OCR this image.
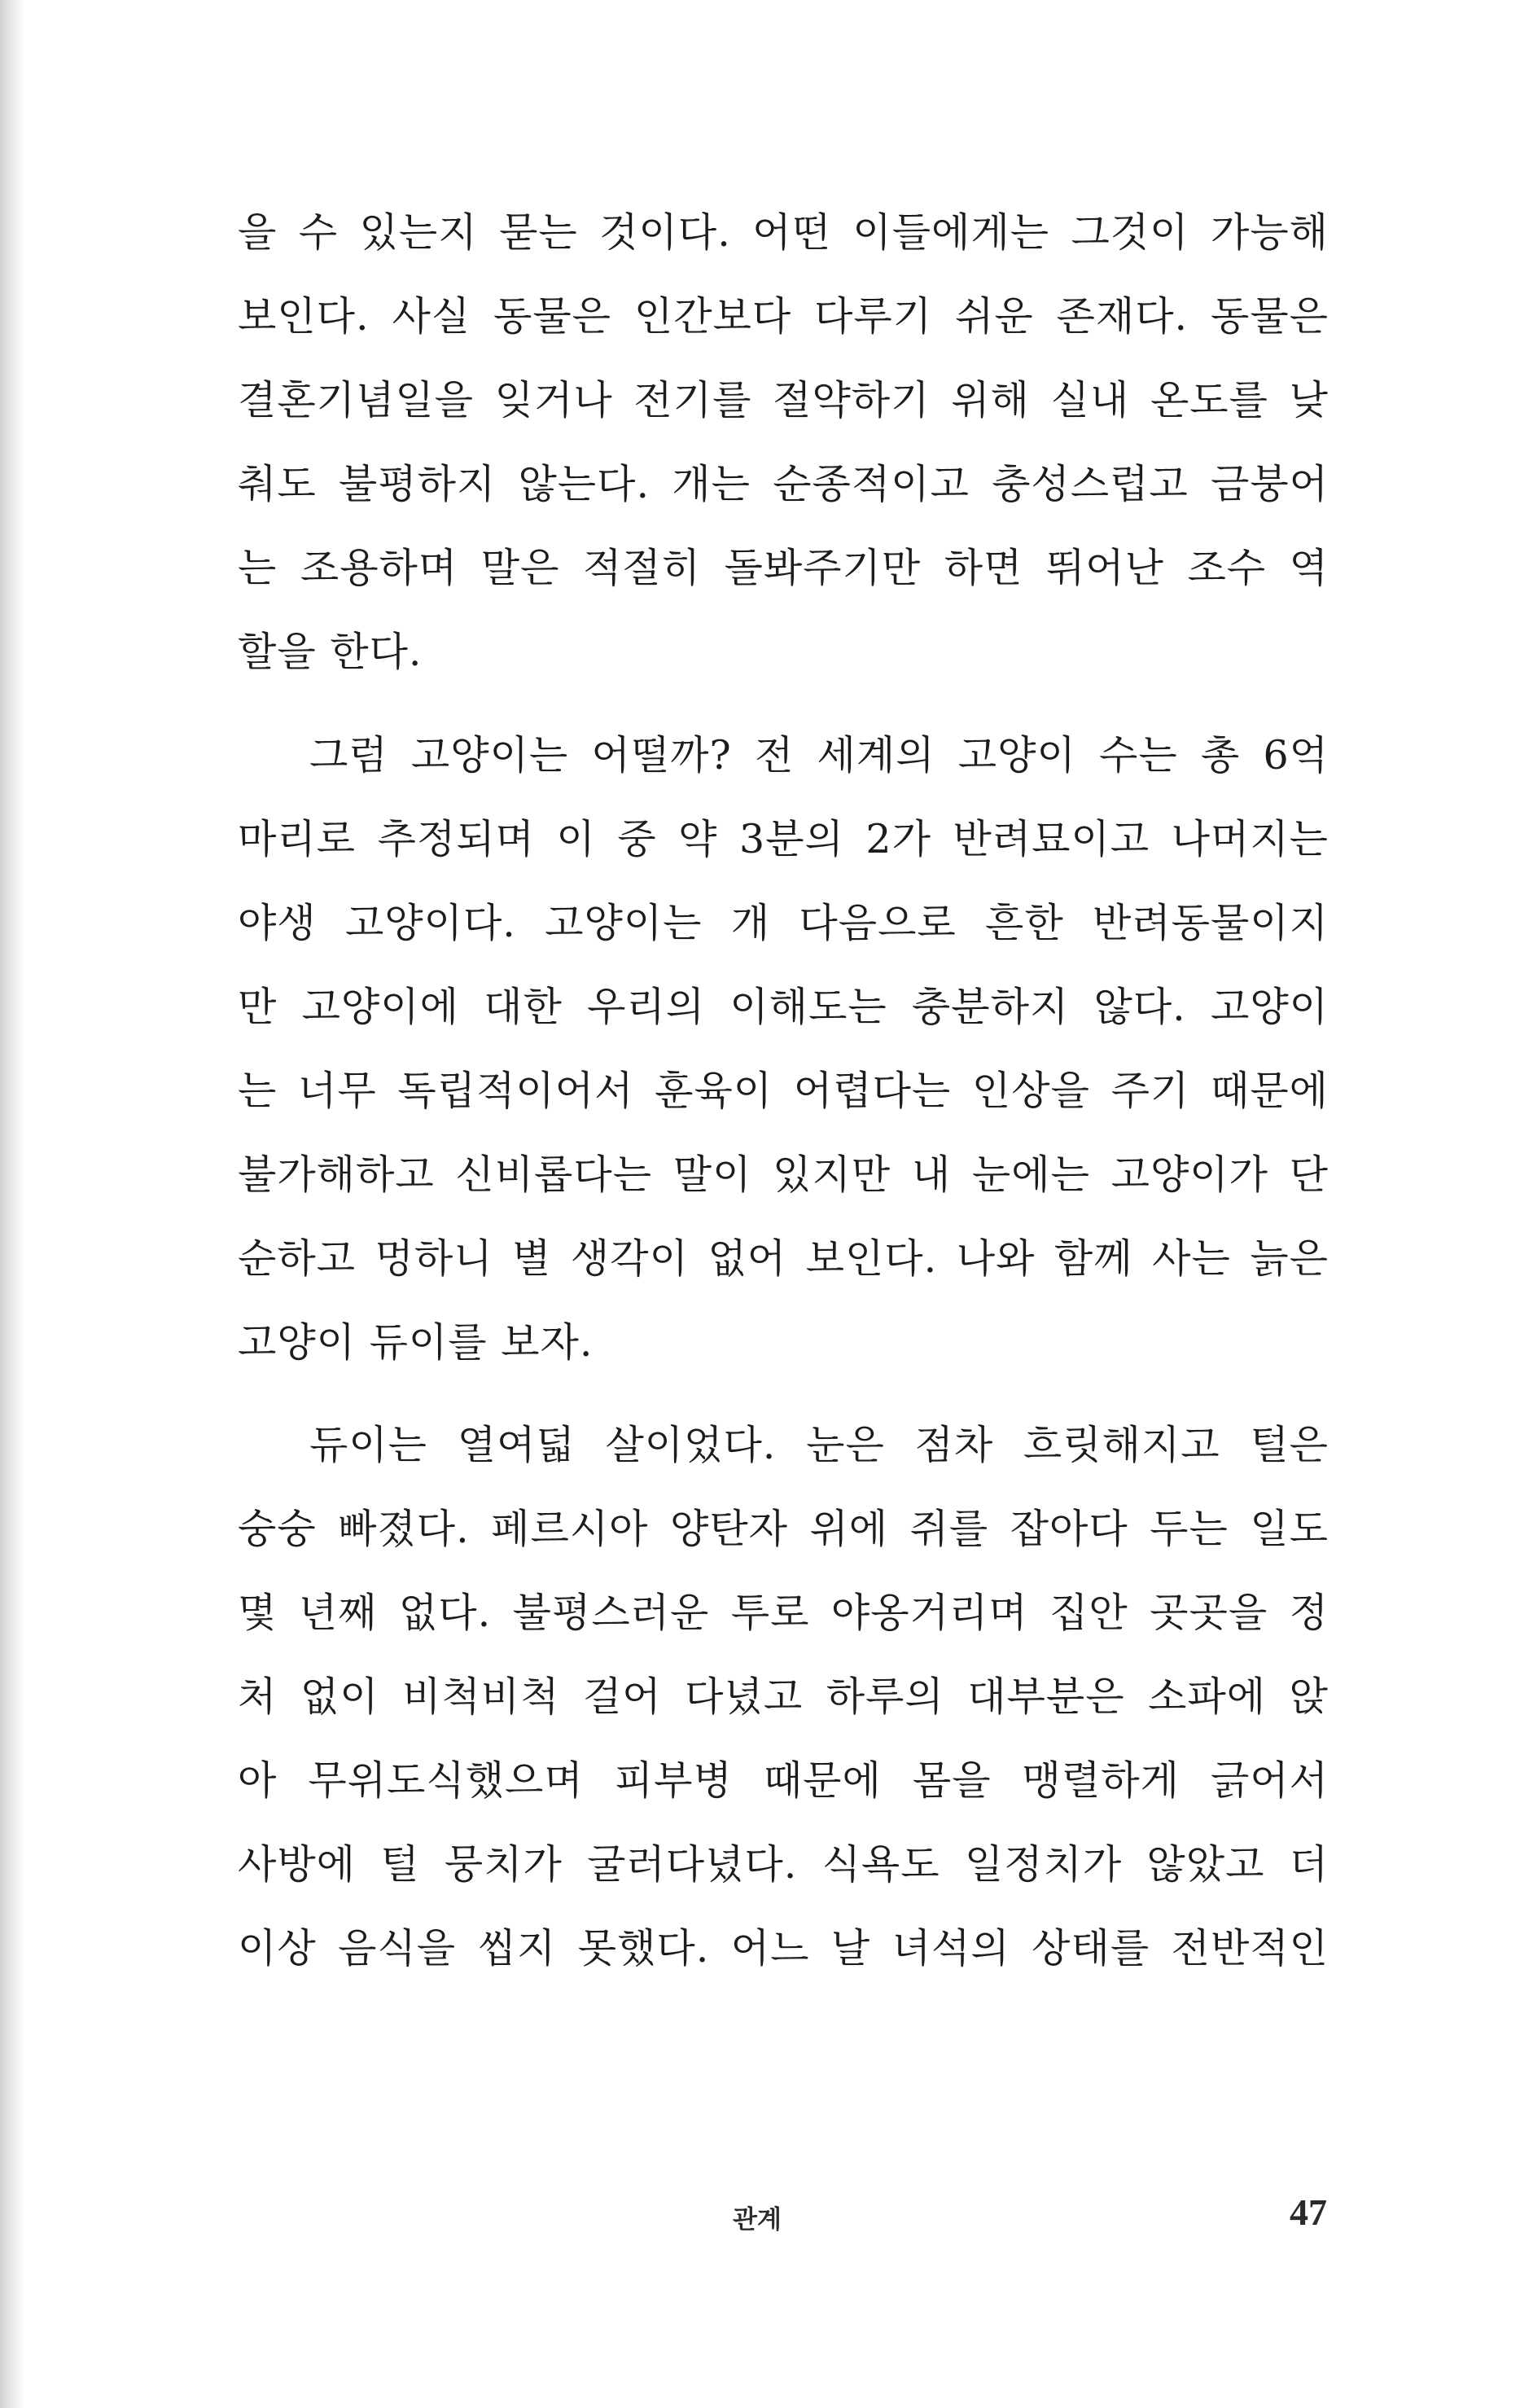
을 수 있는지 묻는 것이다. 어떤 이들에게는 그것이 가능해
보인다. 사실 동물은 인간보다 다루기 쉬운 존재다. 동물은
결혼기념일을 잊거나 전기를 절약하기 위해 실내 온도를 낮
춰도 불평하지 않는다. 개는 순종적이고 충성스럽고 금붕어
는 조용하며 말은 적절히 돌봐주기만 하면 뛰어난 조수 역
할을 한다.
그럼 고양이는 어떨까? 전 세계의 고양이 수는 총 6억
마리로 추정되며 이 중 약 3분의 2가 반려묘이고 나머지는
야생 고양이다. 고양이는 개 다음으로 흔한 반려동물이지
만 고양이에 대한 우리의 이해도는 충분하지 않다. 고양이
는 너무 독립적이어서 훈육이 어렵다는 인상을 주기 때문에
불가해하고 신비롭다는 말이 있지만 내 눈에는 고양이가 단
순하고 멍하니 별 생각이 없어 보인다. 나와 함께 사는 늙은
고양이 듀이를 보자.
듀이는 열여덟 살이었다. 눈은 점차 흐릿해지고 털은
숭숭 빠졌다. 페르시아 양탄자 위에 쥐를 잡아다 두는 일도
몇 년째 없다. 불평스러운 투로 야옹거리며 집안 곳곳을 정
처 없이 비척비척 걸어 다녔고 하루의 대부분은 소파에 앉
아 무위도식했으며 피부병 때문에 몸을 맹렬하게 긁어서
사방에 털 뭉치가 굴러다녔다. 식욕도 일정치가 않았고 더
이상 음식을 씹지 못했다. 어느 날 녀석의 상태를 전반적인
관계	47
